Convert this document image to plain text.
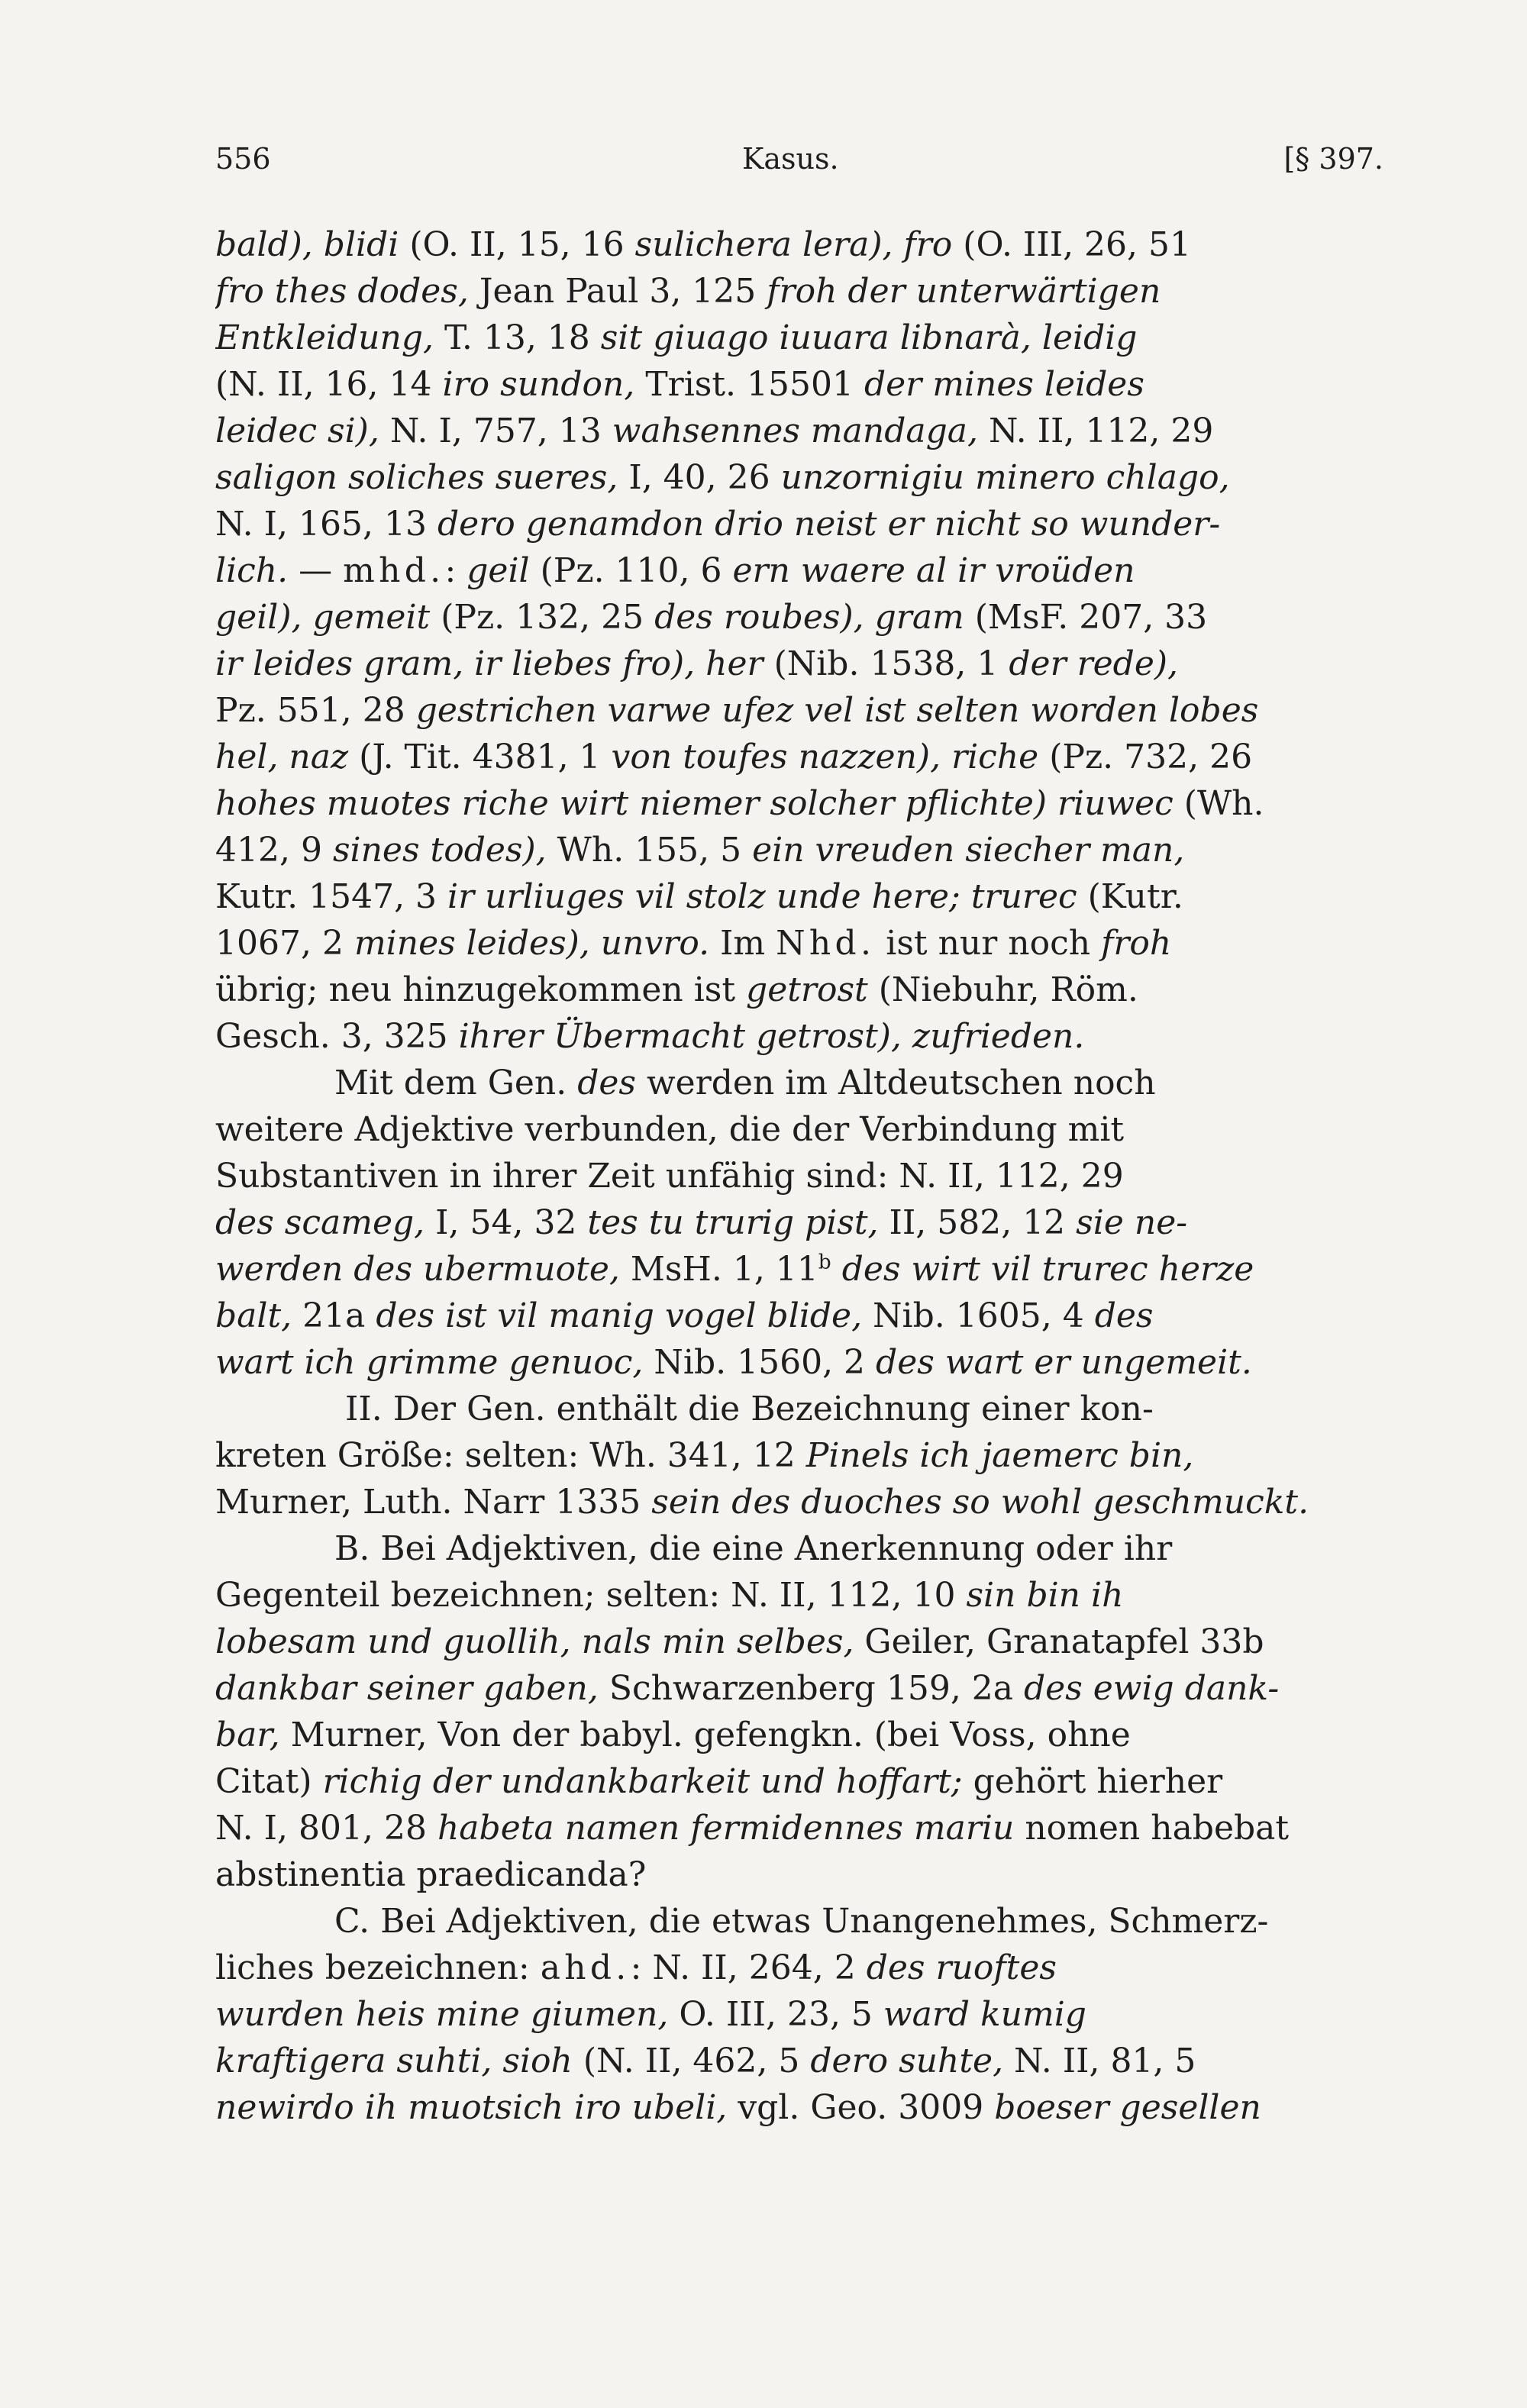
556	Kasus.	[§ 397.
bald), blidi (O. II, 15, 16 sulichera lera), fro (O. III, 26, 51
fro thes dodes, Jean Paul 3, 125 froh der unterwärtigen
Entkleidung, T. 13, 18 sit giuago iuuara libnarà, leidig
(N. II, 16, 14 iro sundon, Trist. 15501 der mines leides
leidec si), N. I, 757, 13 wahsennes mandaga, N. II, 112, 29
saligon soliches sueres, I, 40, 26 unzornigiu minero chlago,
N. I, 165, 13 dero genamdon drio neist er nicht so wunder-
lich. — mhd.: geil (Pz. 110, 6 ern waere al ir vroüden
geil), gemeit (Pz. 132, 25 des roubes), gram (MsF. 207, 33
ir leides gram, ir liebes fro), her (Nib. 1538, 1 der rede),
Pz. 551, 28 gestrichen varwe ufez vel ist selten worden lobes
hel, naz (J. Tit. 4381, 1 von toufes nazzen), riche (Pz. 732, 26
hohes muotes riche wirt niemer solcher pflichte) riuwec (Wh.
412, 9 sines todes), Wh. 155, 5 ein vreuden siecher man,
Kutr. 1547, 3 ir urliuges vil stolz unde here; trurec (Kutr.
1067, 2 mines leides), unvro. Im Nhd. ist nur noch froh
übrig; neu hinzugekommen ist getrost (Niebuhr, Röm.
Gesch. 3, 325 ihrer Übermacht getrost), zufrieden.
Mit dem Gen. des werden im Altdeutschen noch
weitere Adjektive verbunden, die der Verbindung mit
Substantiven in ihrer Zeit unfähig sind: N. II, 112, 29
des scameg, I, 54, 32 tes tu trurig pist, II, 582, 12 sie ne-
werden des ubermuote, MsH. 1, 11$^b$ des wirt vil trurec herze
balt, 21a des ist vil manig vogel blide, Nib. 1605, 4 des
wart ich grimme genuoc, Nib. 1560, 2 des wart er ungemeit.
II. Der Gen. enthält die Bezeichnung einer kon-
kreten Größe: selten: Wh. 341, 12 Pinels ich jaemerc bin,
Murner, Luth. Narr 1335 sein des duoches so wohl geschmuckt.
B. Bei Adjektiven, die eine Anerkennung oder ihr
Gegenteil bezeichnen; selten: N. II, 112, 10 sin bin ih
lobesam und guollih, nals min selbes, Geiler, Granatapfel 33b
dankbar seiner gaben, Schwarzenberg 159, 2a des ewig dank-
bar, Murner, Von der babyl. gefengkn. (bei Voss, ohne
Citat) richig der undankbarkeit und hoffart; gehört hierher
N. I, 801, 28 habeta namen fermidennes mariu nomen habebat
abstinentia praedicanda?
C. Bei Adjektiven, die etwas Unangenehmes, Schmerz-
liches bezeichnen: ahd.: N. II, 264, 2 des ruoftes
wurden heis mine giumen, O. III, 23, 5 ward kumig
kraftigera suhti, sioh (N. II, 462, 5 dero suhte, N. II, 81, 5
newirdo ih muotsich iro ubeli, vgl. Geo. 3009 boeser gesellen
